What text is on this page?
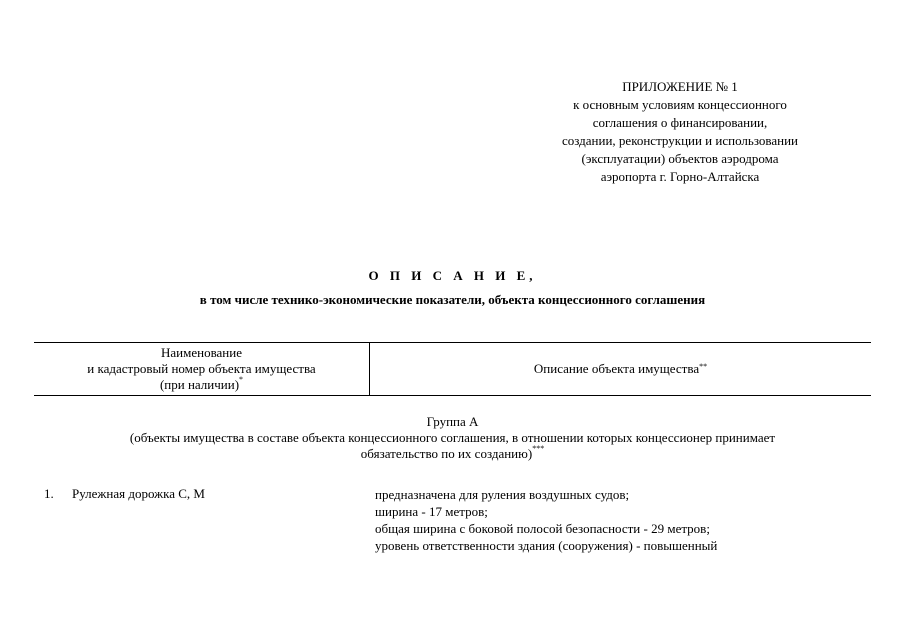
ПРИЛОЖЕНИЕ № 1
к основным условиям концессионного
соглашения о финансировании,
создании, реконструкции и использовании
(эксплуатации) объектов аэродрома
аэропорта г. Горно-Алтайска
О П И С А Н И Е,
в том числе технико-экономические показатели, объекта концессионного соглашения
Наименование
и кадастровый номер объекта имущества
(при наличии)*
Описание объекта имущества**
Группа А
(объекты имущества в составе объекта концессионного соглашения, в отношении которых концессионер принимает
обязательство по их созданию)***
1. Рулежная дорожка С, М	предназначена для руления воздушных судов;
ширина - 17 метров;
общая ширина с боковой полосой безопасности - 29 метров;
уровень ответственности здания (сооружения) - повышенный
